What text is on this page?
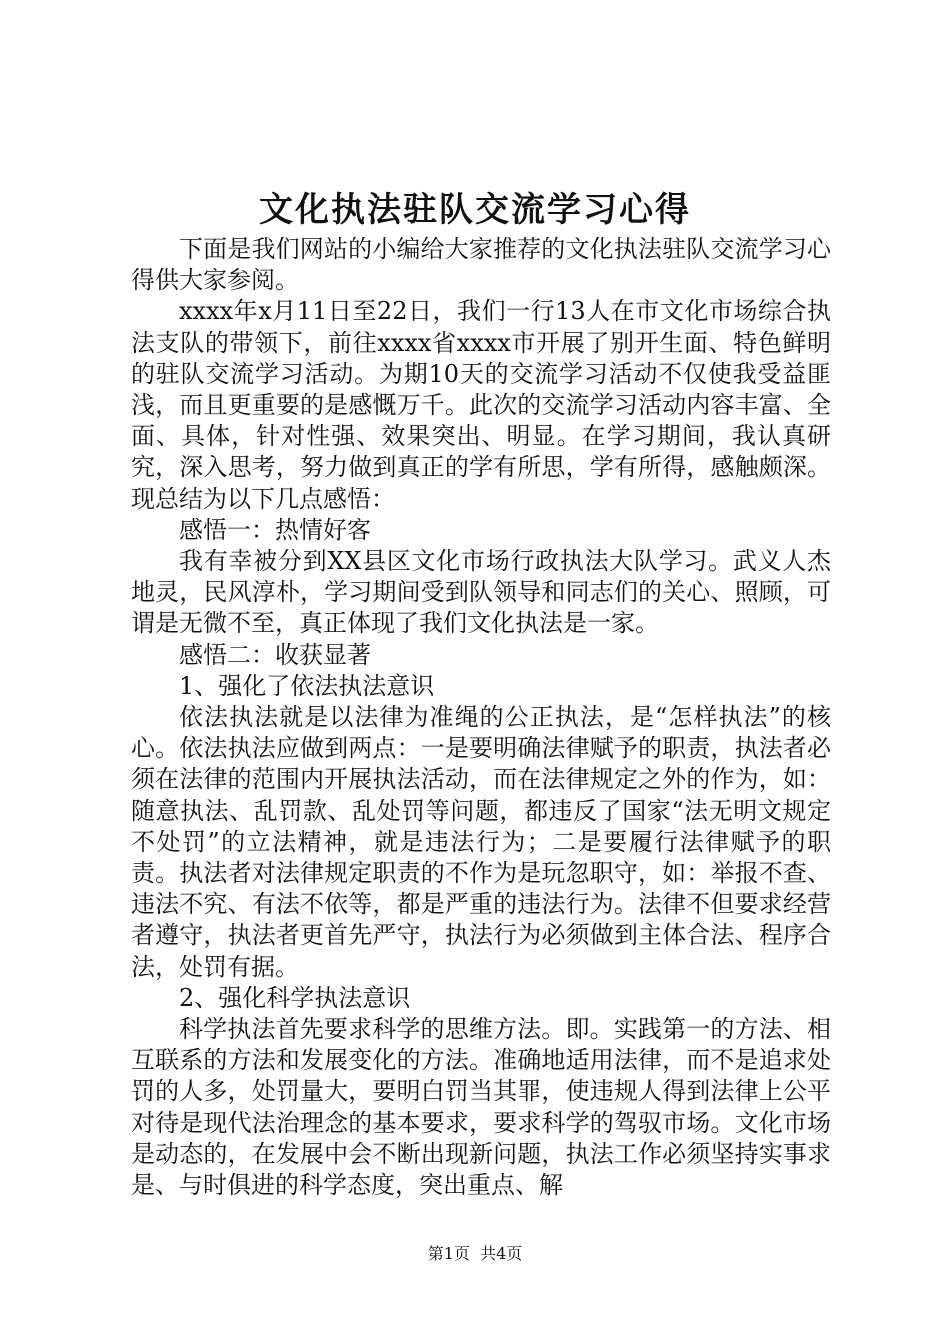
文化执法驻队交流学习心得

下面是我们网站的小编给大家推荐的文化执法驻队交流学习心得供大家参阅。

xxxx年x月11日至22日，我们一行13人在市文化市场综合执法支队的带领下，前往xxxx省xxxx市开展了别开生面、特色鲜明的驻队交流学习活动。为期10天的交流学习活动不仅使我受益匪浅，而且更重要的是感慨万千。此次的交流学习活动内容丰富、全面、具体，针对性强、效果突出、明显。在学习期间，我认真研究，深入思考，努力做到真正的学有所思，学有所得，感触颇深。现总结为以下几点感悟：

感悟一：热情好客

我有幸被分到XX县区文化市场行政执法大队学习。武义人杰地灵，民风淳朴，学习期间受到队领导和同志们的关心、照顾，可谓是无微不至，真正体现了我们文化执法是一家。

感悟二：收获显著

1、强化了依法执法意识

依法执法就是以法律为准绳的公正执法，是“怎样执法”的核心。依法执法应做到两点：一是要明确法律赋予的职责，执法者必须在法律的范围内开展执法活动，而在法律规定之外的作为，如：随意执法、乱罚款、乱处罚等问题，都违反了国家“法无明文规定不处罚”的立法精神，就是违法行为；二是要履行法律赋予的职责。执法者对法律规定职责的不作为是玩忽职守，如：举报不查、违法不究、有法不依等，都是严重的违法行为。法律不但要求经营者遵守，执法者更首先严守，执法行为必须做到主体合法、程序合法，处罚有据。

2、强化科学执法意识

科学执法首先要求科学的思维方法。即。实践第一的方法、相互联系的方法和发展变化的方法。准确地适用法律，而不是追求处罚的人多，处罚量大，要明白罚当其罪，使违规人得到法律上公平对待是现代法治理念的基本要求，要求科学的驾驭市场。文化市场是动态的，在发展中会不断出现新问题，执法工作必须坚持实事求是、与时俱进的科学态度，突出重点、解

第1页 共4页
